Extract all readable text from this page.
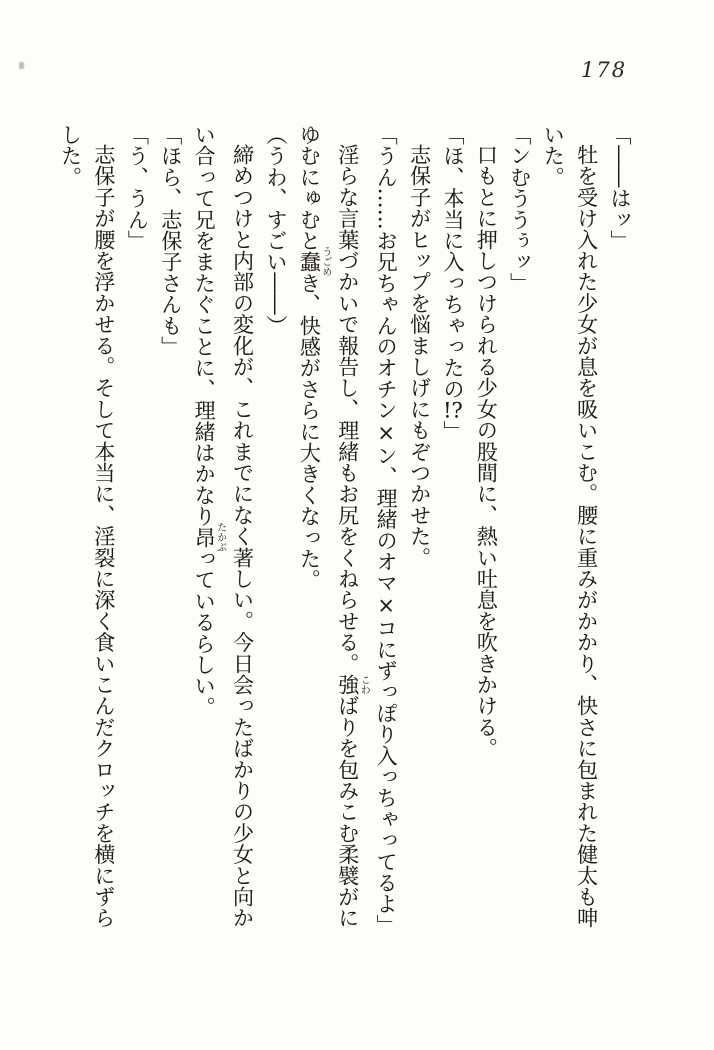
178
「――はッ」
牡を受け入れた少女が息を吸いこむ。腰に重みがかかり、快さに包まれた健太も呻
いた。
「ンむううぅッ」
口もとに押しつけられる少女の股間に、熱い吐息を吹きかける。
「ほ、本当に入っちゃったの!?」
志保子がヒップを悩ましげにもぞつかせた。
「うん……お兄ちゃんのオチン×ン、理緒のオマ×コにずっぽり入っちゃってるよ」
淫らな言葉づかいで報告し、理緒もお尻をくねらせる。強こわばりを包みこむ柔襞がに
ゆむにゅむと蠢うごめき、快感がさらに大きくなった。
（うわ、すごい――）
締めつけと内部の変化が、これまでになく著しい。今日会ったばかりの少女と向か
い合って兄をまたぐことに、理緒はかなり昂たかぶっているらしい。
「ほら、志保子さんも」
「う、うん」
志保子が腰を浮かせる。そして本当に、淫裂に深く食いこんだクロッチを横にずら
した。
